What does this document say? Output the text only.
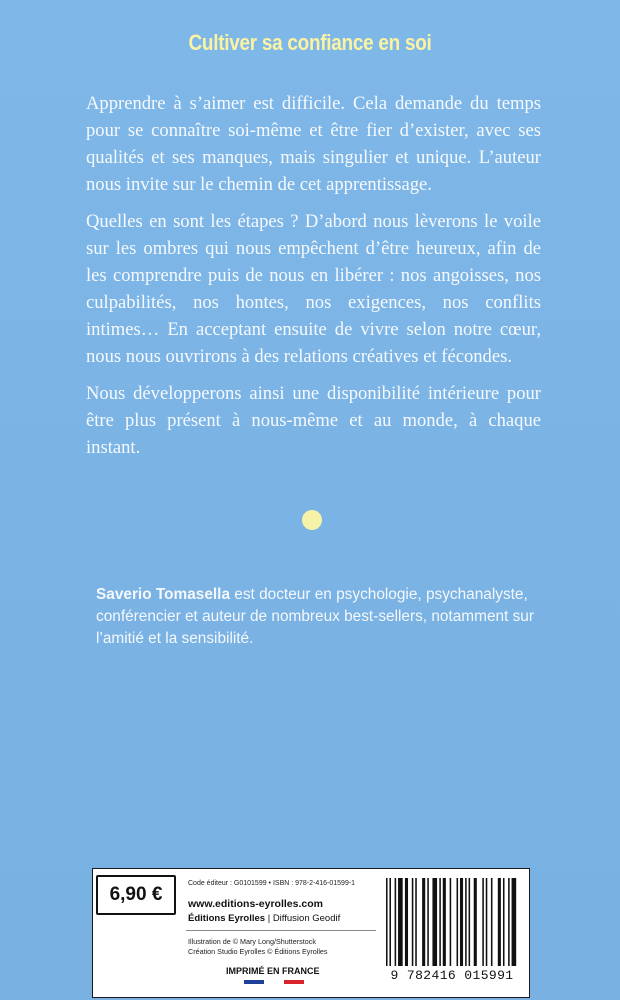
Cultiver sa confiance en soi

Apprendre à s’aimer est difficile. Cela demande du temps pour se connaître soi-même et être fier d’exister, avec ses qualités et ses manques, mais singulier et unique. L’auteur nous invite sur le chemin de cet apprentissage.

Quelles en sont les étapes ? D’abord nous lèverons le voile sur les ombres qui nous empêchent d’être heureux, afin de les comprendre puis de nous en libérer : nos angoisses, nos culpabilités, nos hontes, nos exigences, nos conflits intimes… En acceptant ensuite de vivre selon notre cœur, nous nous ouvrirons à des relations créatives et fécondes.

Nous développerons ainsi une disponibilité intérieure pour être plus présent à nous-même et au monde, à chaque instant.

Saverio Tomasella est docteur en psychologie, psychanalyste, conférencier et auteur de nombreux best-sellers, notamment sur l’amitié et la sensibilité.
6,90 €
Code éditeur : G0101599 • ISBN : 978-2-416-01599-1
www.editions-eyrolles.com
Éditions Eyrolles | Diffusion Geodif
Illustration de © Mary Long/Shutterstock
Création Studio Eyrolles © Éditions Eyrolles
IMPRIMÉ EN FRANCE	9 782416 015991
